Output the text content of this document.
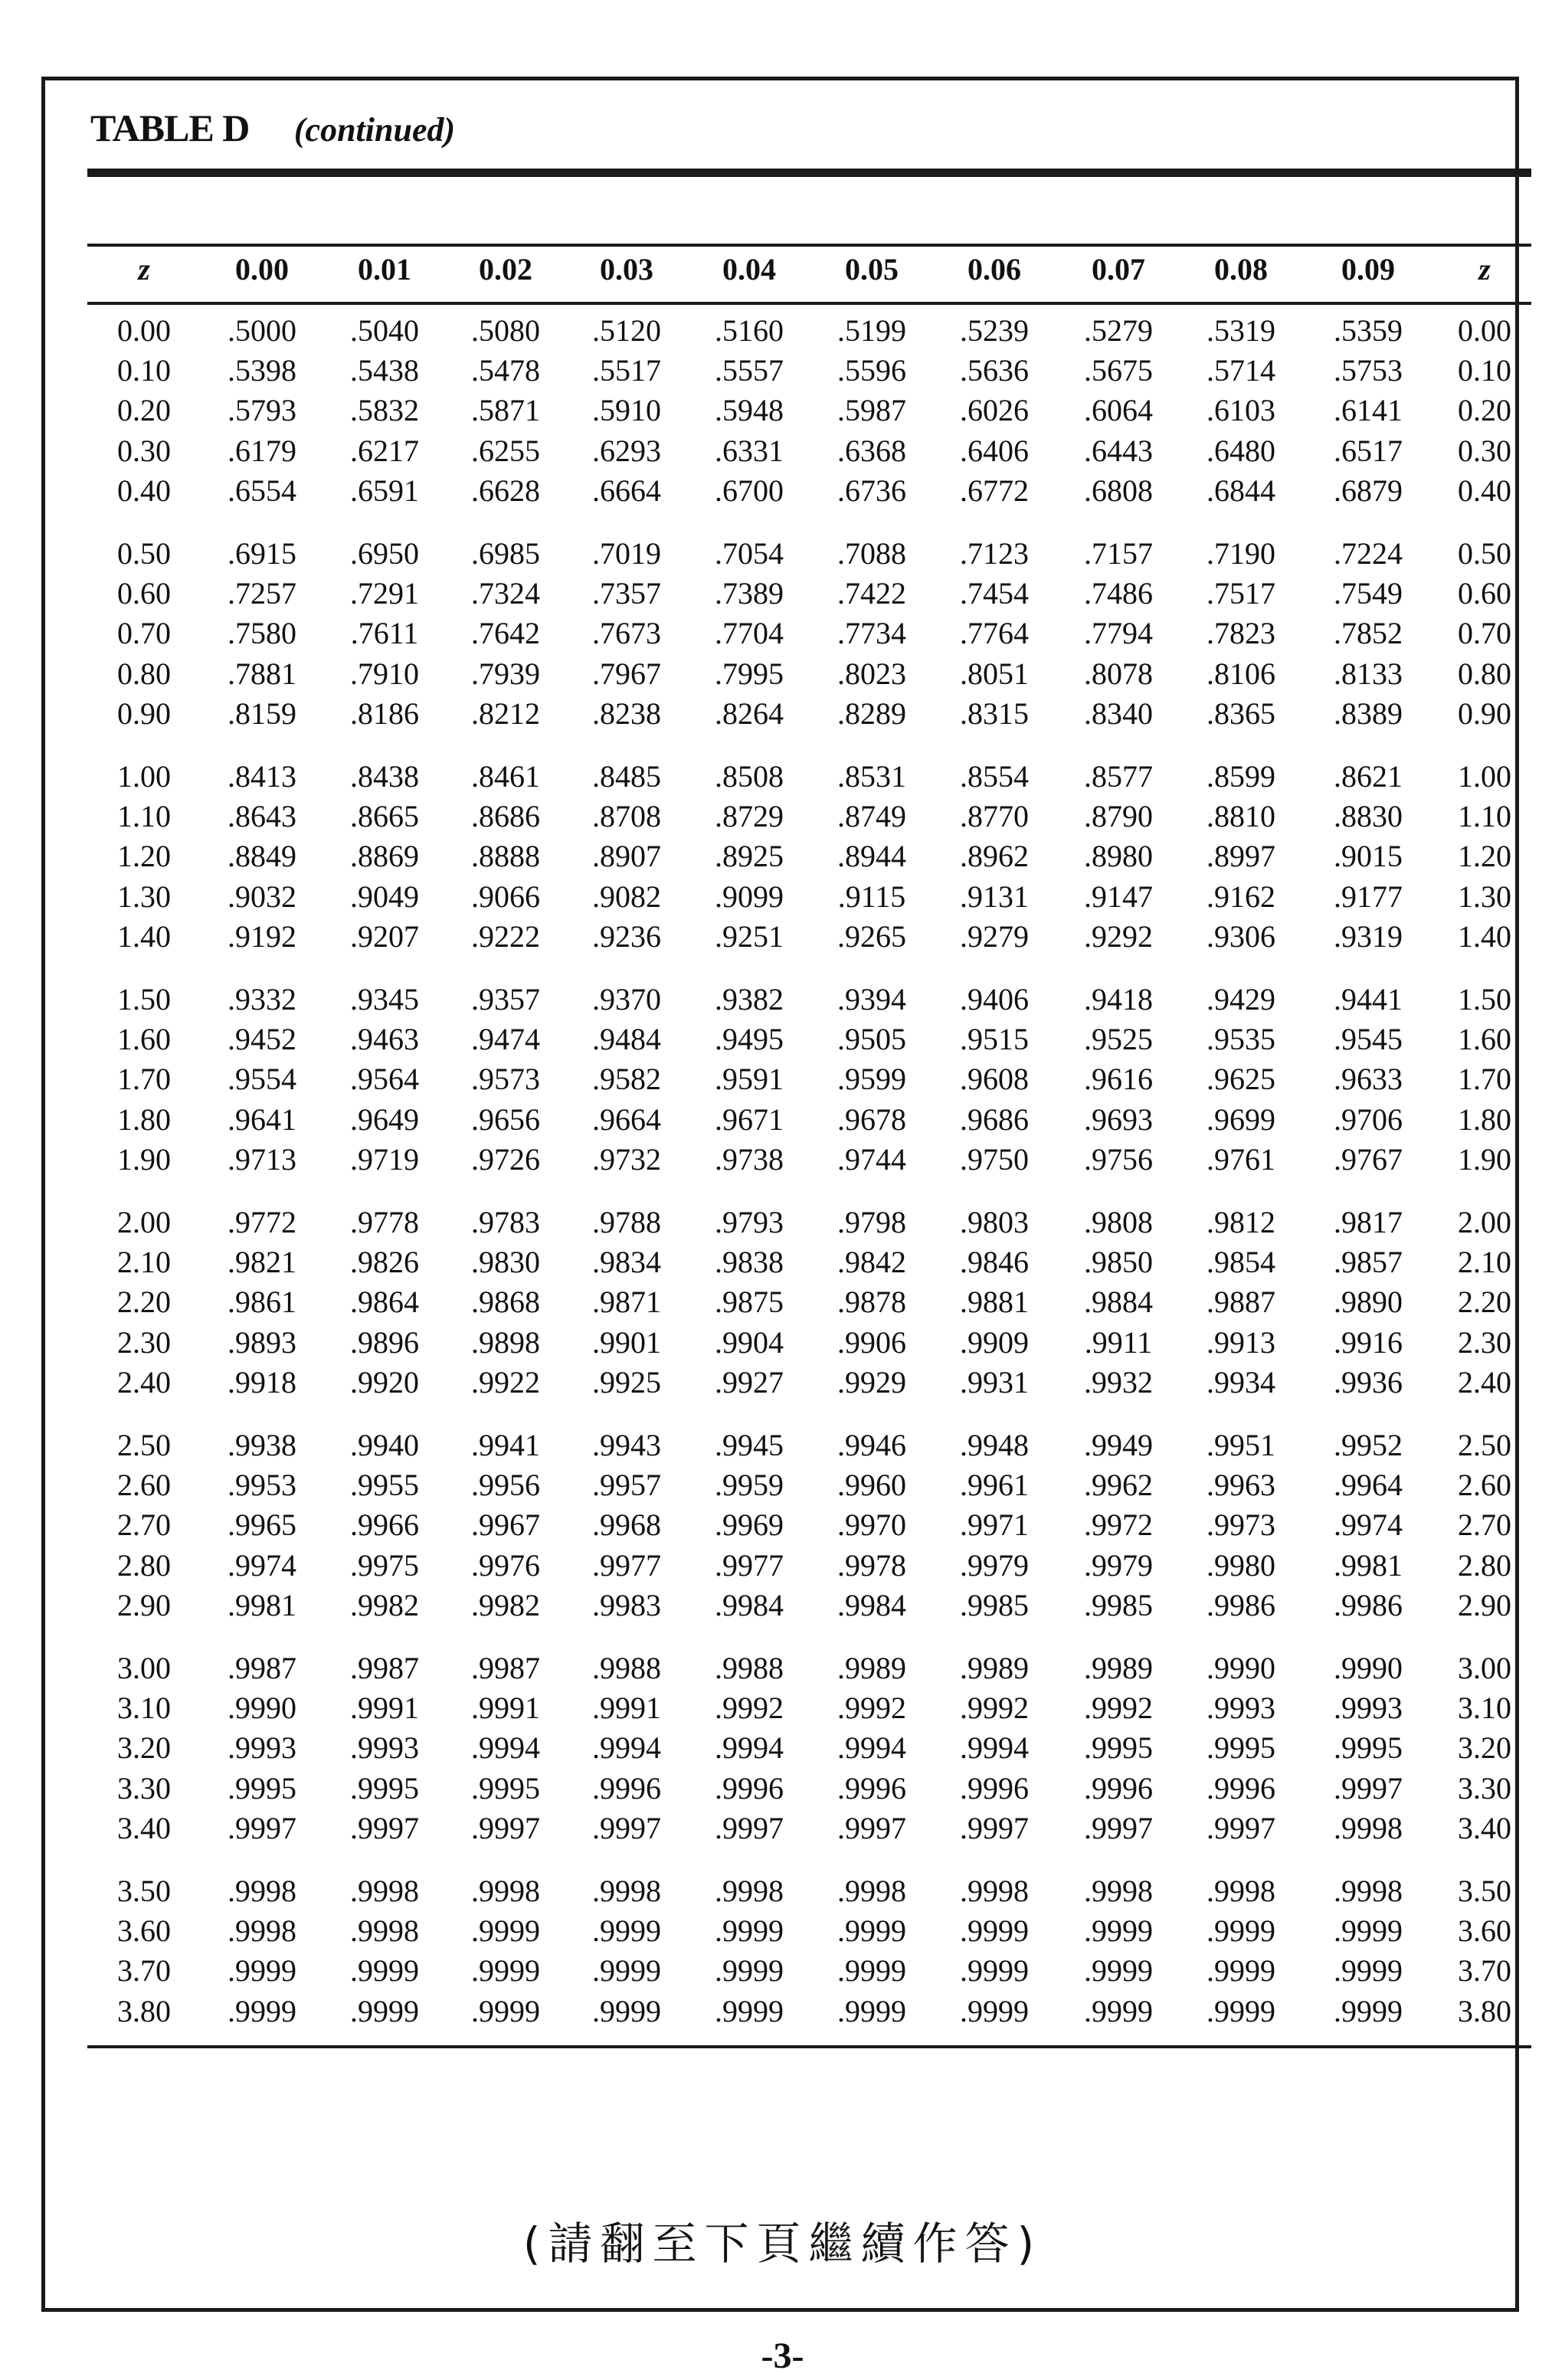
TABLE D (continued)
z	0.00	0.01	0.02	0.03	0.04	0.05	0.06	0.07	0.08	0.09	z
0.00	.5000	.5040	.5080	.5120	.5160	.5199	.5239	.5279	.5319	.5359	0.00
0.10	.5398	.5438	.5478	.5517	.5557	.5596	.5636	.5675	.5714	.5753	0.10
0.20	.5793	.5832	.5871	.5910	.5948	.5987	.6026	.6064	.6103	.6141	0.20
0.30	.6179	.6217	.6255	.6293	.6331	.6368	.6406	.6443	.6480	.6517	0.30
0.40	.6554	.6591	.6628	.6664	.6700	.6736	.6772	.6808	.6844	.6879	0.40
0.50	.6915	.6950	.6985	.7019	.7054	.7088	.7123	.7157	.7190	.7224	0.50
0.60	.7257	.7291	.7324	.7357	.7389	.7422	.7454	.7486	.7517	.7549	0.60
0.70	.7580	.7611	.7642	.7673	.7704	.7734	.7764	.7794	.7823	.7852	0.70
0.80	.7881	.7910	.7939	.7967	.7995	.8023	.8051	.8078	.8106	.8133	0.80
0.90	.8159	.8186	.8212	.8238	.8264	.8289	.8315	.8340	.8365	.8389	0.90
1.00	.8413	.8438	.8461	.8485	.8508	.8531	.8554	.8577	.8599	.8621	1.00
1.10	.8643	.8665	.8686	.8708	.8729	.8749	.8770	.8790	.8810	.8830	1.10
1.20	.8849	.8869	.8888	.8907	.8925	.8944	.8962	.8980	.8997	.9015	1.20
1.30	.9032	.9049	.9066	.9082	.9099	.9115	.9131	.9147	.9162	.9177	1.30
1.40	.9192	.9207	.9222	.9236	.9251	.9265	.9279	.9292	.9306	.9319	1.40
1.50	.9332	.9345	.9357	.9370	.9382	.9394	.9406	.9418	.9429	.9441	1.50
1.60	.9452	.9463	.9474	.9484	.9495	.9505	.9515	.9525	.9535	.9545	1.60
1.70	.9554	.9564	.9573	.9582	.9591	.9599	.9608	.9616	.9625	.9633	1.70
1.80	.9641	.9649	.9656	.9664	.9671	.9678	.9686	.9693	.9699	.9706	1.80
1.90	.9713	.9719	.9726	.9732	.9738	.9744	.9750	.9756	.9761	.9767	1.90
2.00	.9772	.9778	.9783	.9788	.9793	.9798	.9803	.9808	.9812	.9817	2.00
2.10	.9821	.9826	.9830	.9834	.9838	.9842	.9846	.9850	.9854	.9857	2.10
2.20	.9861	.9864	.9868	.9871	.9875	.9878	.9881	.9884	.9887	.9890	2.20
2.30	.9893	.9896	.9898	.9901	.9904	.9906	.9909	.9911	.9913	.9916	2.30
2.40	.9918	.9920	.9922	.9925	.9927	.9929	.9931	.9932	.9934	.9936	2.40
2.50	.9938	.9940	.9941	.9943	.9945	.9946	.9948	.9949	.9951	.9952	2.50
2.60	.9953	.9955	.9956	.9957	.9959	.9960	.9961	.9962	.9963	.9964	2.60
2.70	.9965	.9966	.9967	.9968	.9969	.9970	.9971	.9972	.9973	.9974	2.70
2.80	.9974	.9975	.9976	.9977	.9977	.9978	.9979	.9979	.9980	.9981	2.80
2.90	.9981	.9982	.9982	.9983	.9984	.9984	.9985	.9985	.9986	.9986	2.90
3.00	.9987	.9987	.9987	.9988	.9988	.9989	.9989	.9989	.9990	.9990	3.00
3.10	.9990	.9991	.9991	.9991	.9992	.9992	.9992	.9992	.9993	.9993	3.10
3.20	.9993	.9993	.9994	.9994	.9994	.9994	.9994	.9995	.9995	.9995	3.20
3.30	.9995	.9995	.9995	.9996	.9996	.9996	.9996	.9996	.9996	.9997	3.30
3.40	.9997	.9997	.9997	.9997	.9997	.9997	.9997	.9997	.9997	.9998	3.40
3.50	.9998	.9998	.9998	.9998	.9998	.9998	.9998	.9998	.9998	.9998	3.50
3.60	.9998	.9998	.9999	.9999	.9999	.9999	.9999	.9999	.9999	.9999	3.60
3.70	.9999	.9999	.9999	.9999	.9999	.9999	.9999	.9999	.9999	.9999	3.70
3.80	.9999	.9999	.9999	.9999	.9999	.9999	.9999	.9999	.9999	.9999	3.80
(請翻至下頁繼續作答)
-3-
